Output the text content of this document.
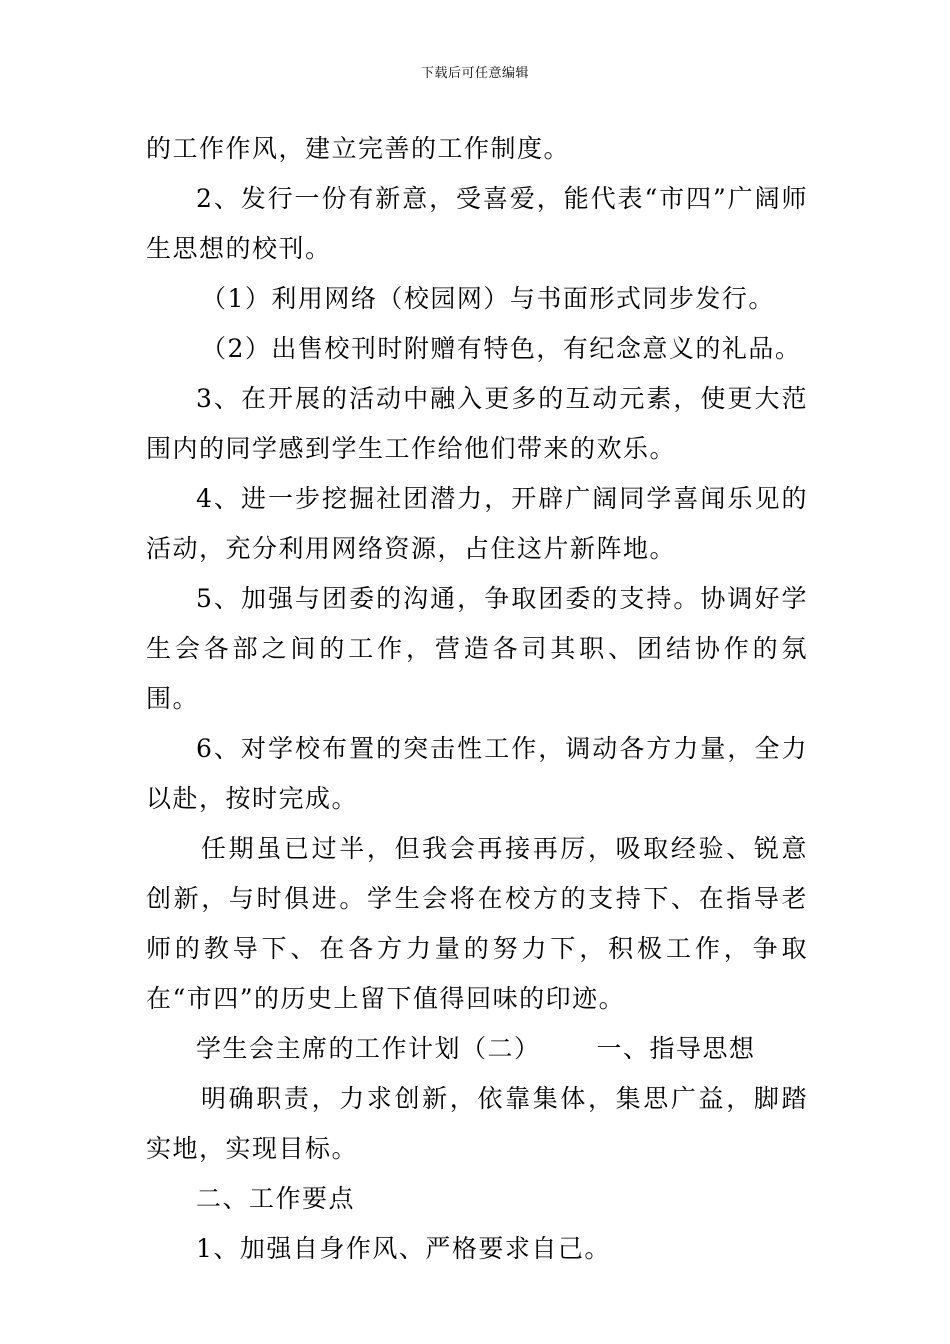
下载后可任意编辑

的工作作风，建立完善的工作制度。

2、发行一份有新意，受喜爱，能代表“市四”广阔师生思想的校刊。

（1）利用网络（校园网）与书面形式同步发行。

（2）出售校刊时附赠有特色，有纪念意义的礼品。

3、在开展的活动中融入更多的互动元素，使更大范围内的同学感到学生工作给他们带来的欢乐。

4、进一步挖掘社团潜力，开辟广阔同学喜闻乐见的活动，充分利用网络资源，占住这片新阵地。

5、加强与团委的沟通，争取团委的支持。协调好学生会各部之间的工作，营造各司其职、团结协作的氛围。

6、对学校布置的突击性工作，调动各方力量，全力以赴，按时完成。

任期虽已过半，但我会再接再厉，吸取经验、锐意创新，与时俱进。学生会将在校方的支持下、在指导老师的教导下、在各方力量的努力下，积极工作，争取在“市四”的历史上留下值得回味的印迹。

学生会主席的工作计划（二） 一、指导思想

明确职责，力求创新，依靠集体，集思广益，脚踏实地，实现目标。

二、工作要点

1、加强自身作风、严格要求自己。
